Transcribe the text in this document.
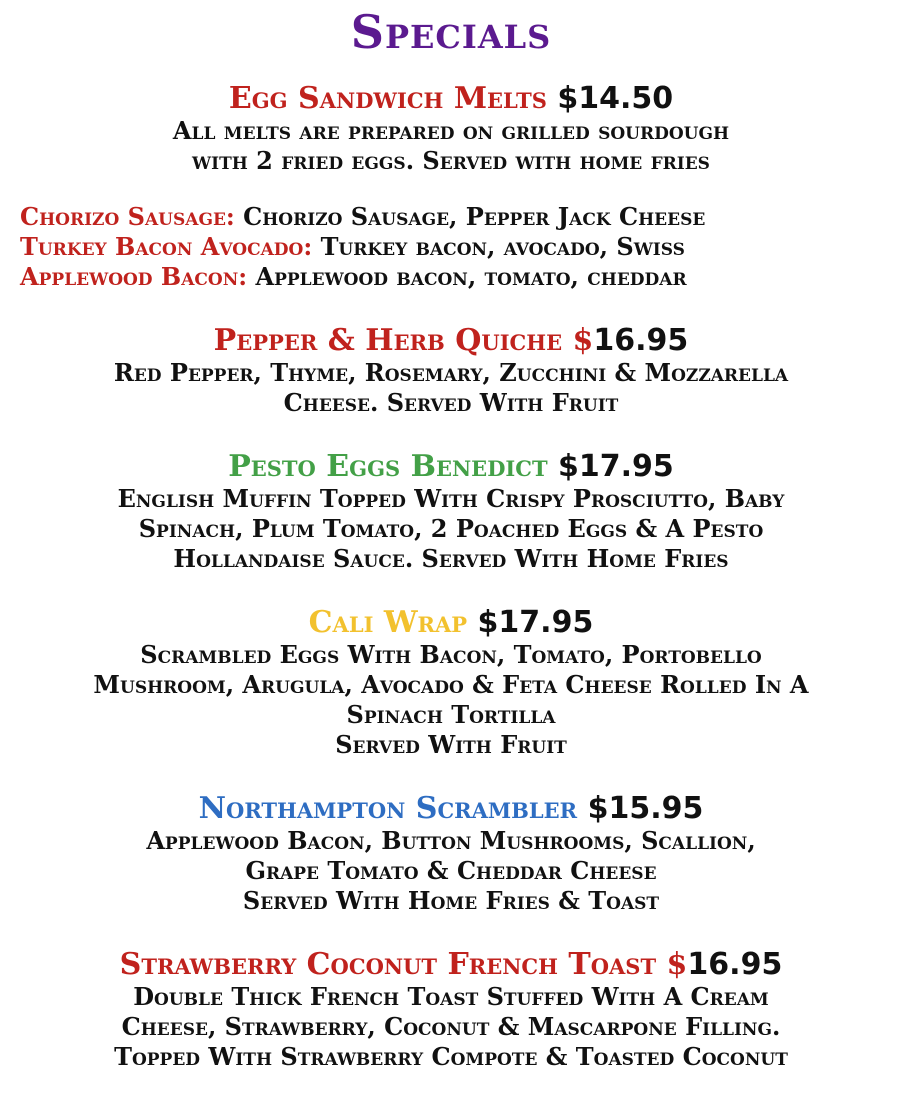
Specials
Egg Sandwich Melts $14.50
All melts are prepared on grilled sourdough
with 2 fried eggs. Served with home fries
Chorizo Sausage: Chorizo Sausage, Pepper Jack Cheese
Turkey Bacon Avocado: Turkey bacon, avocado, Swiss
Applewood Bacon: Applewood bacon, tomato, cheddar
Pepper & Herb Quiche $16.95
Red Pepper, Thyme, Rosemary, Zucchini & Mozzarella
Cheese. Served With Fruit
Pesto Eggs Benedict $17.95
English Muffin Topped With Crispy Prosciutto, Baby
Spinach, Plum Tomato, 2 Poached Eggs & A Pesto
Hollandaise Sauce. Served With Home Fries
Cali Wrap $17.95
Scrambled Eggs With Bacon, Tomato, Portobello
Mushroom, Arugula, Avocado & Feta Cheese Rolled In A
Spinach Tortilla
Served With Fruit
Northampton Scrambler $15.95
Applewood Bacon, Button Mushrooms, Scallion,
Grape Tomato & Cheddar Cheese
Served With Home Fries & Toast
Strawberry Coconut French Toast $16.95
Double Thick French Toast Stuffed With A Cream
Cheese, Strawberry, Coconut & Mascarpone Filling.
Topped With Strawberry Compote & Toasted Coconut
